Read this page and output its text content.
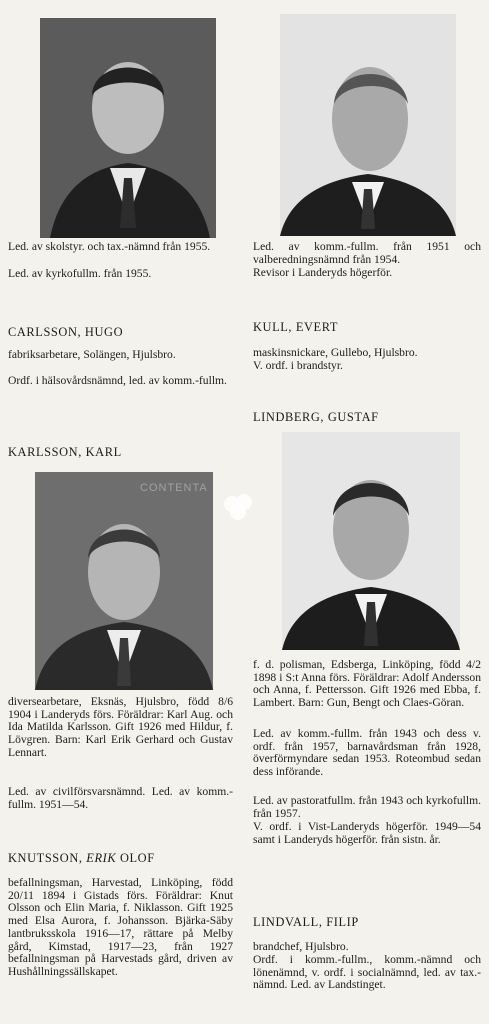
CONTENTA

Led. av skolstyr. och tax.-nämnd från 1955.

Led. av kyrkofullm. från 1955.

Led. av komm.-fullm. från 1951 och valberedningsnämnd från 1954.

Revisor i Landeryds högerför.

CARLSSON, HUGO

fabriksarbetare, Solängen, Hjulsbro.

Ordf. i hälsovårdsnämnd, led. av komm.-fullm.

KULL, EVERT

maskinsnickare, Gullebo, Hjulsbro.

V. ordf. i brandstyr.

LINDBERG, GUSTAF
KARLSSON, KARL

diversearbetare, Eksnäs, Hjulsbro, född 8/6 1904 i Landeryds förs. Föräldrar: Karl Aug. och Ida Matilda Karlsson. Gift 1926 med Hildur, f. Lövgren. Barn: Karl Erik Gerhard och Gustav Lennart.

Led. av civilförsvarsnämnd. Led. av komm.-fullm. 1951—54.

f. d. polisman, Edsberga, Linköping, född 4/2 1898 i S:t Anna förs. Föräldrar: Adolf Andersson och Anna, f. Pettersson. Gift 1926 med Ebba, f. Lambert. Barn: Gun, Bengt och Claes-Göran.

Led. av komm.-fullm. från 1943 och dess v. ordf. från 1957, barnavårdsman från 1928, överförmyndare sedan 1953. Roteombud sedan dess införande.

Led. av pastoratfullm. från 1943 och kyrkofullm. från 1957.

V. ordf. i Vist-Landeryds högerför. 1949—54 samt i Landeryds högerför. från sistn. år.

KNUTSSON, ERIK OLOF

befallningsman, Harvestad, Linköping, född 20/11 1894 i Gistads förs. Föräldrar: Knut Olsson och Elin Maria, f. Niklasson. Gift 1925 med Elsa Aurora, f. Johansson. Bjärka-Säby lantbruksskola 1916—17, rättare på Melby gård, Kimstad, 1917—23, från 1927 befallningsman på Harvestads gård, driven av Hushållningssällskapet.

LINDVALL, FILIP

brandchef, Hjulsbro.

Ordf. i komm.-fullm., komm.-nämnd och lönenämnd, v. ordf. i socialnämnd, led. av tax.-nämnd. Led. av Landstinget.
